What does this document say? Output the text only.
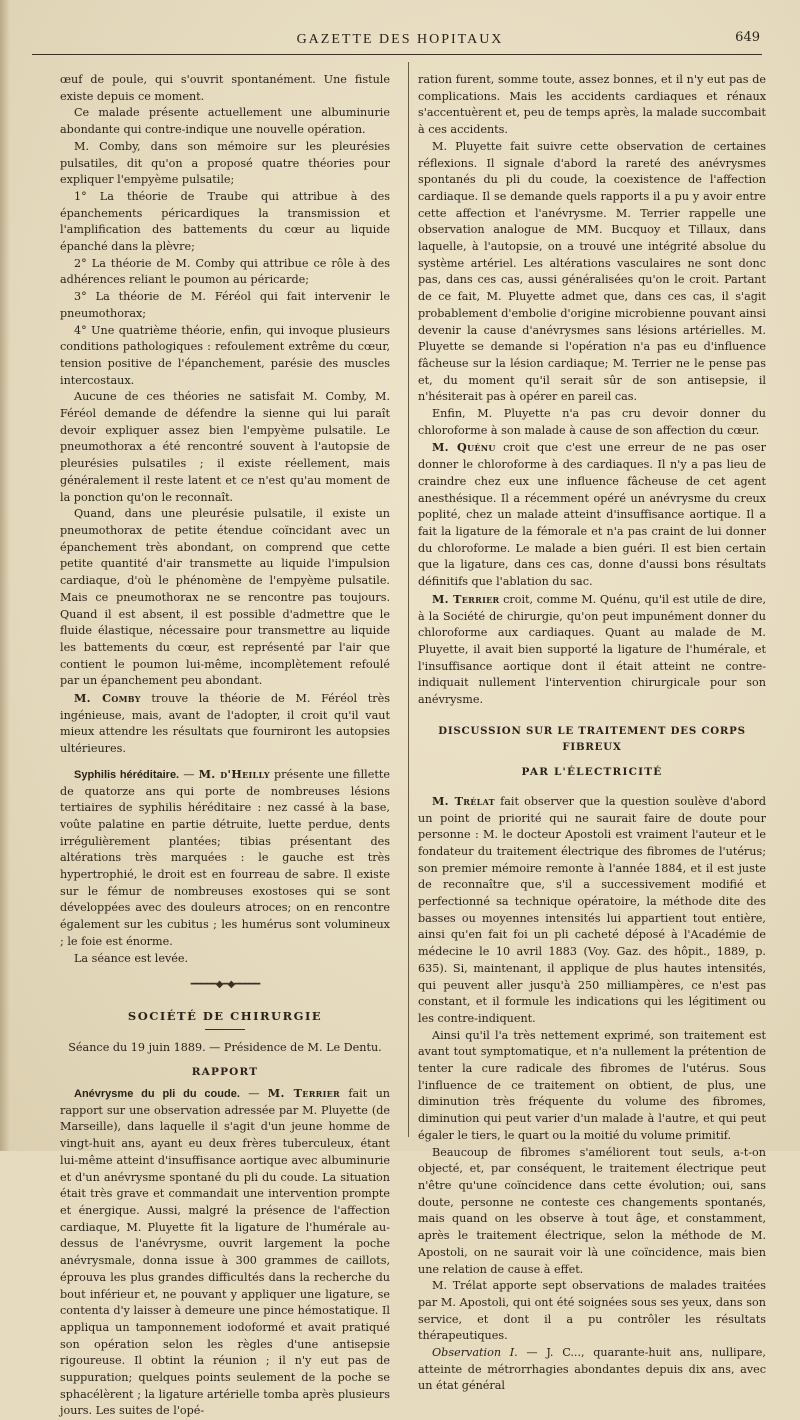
GAZETTE DES HOPITAUX	649

œuf de poule, qui s'ouvrit spontanément. Une fistule existe depuis ce moment.

Ce malade présente actuellement une albuminurie abondante qui contre-indique une nouvelle opération.

M. Comby, dans son mémoire sur les pleurésies pulsatiles, dit qu'on a proposé quatre théories pour expliquer l'empyème pulsatile;

1° La théorie de Traube qui attribue à des épanchements péricardiques la transmission et l'amplification des battements du cœur au liquide épanché dans la plèvre;

2° La théorie de M. Comby qui attribue ce rôle à des adhérences reliant le poumon au péricarde;

3° La théorie de M. Féréol qui fait intervenir le pneumothorax;

4° Une quatrième théorie, enfin, qui invoque plusieurs conditions pathologiques : refoulement extrême du cœur, tension positive de l'épanchement, parésie des muscles intercostaux.

Aucune de ces théories ne satisfait M. Comby, M. Féréol demande de défendre la sienne qui lui paraît devoir expliquer assez bien l'empyème pulsatile. Le pneumothorax a été rencontré souvent à l'autopsie de pleurésies pulsatiles ; il existe réellement, mais généralement il reste latent et ce n'est qu'au moment de la ponction qu'on le reconnaît.

Quand, dans une pleurésie pulsatile, il existe un pneumothorax de petite étendue coïncidant avec un épanchement très abondant, on comprend que cette petite quantité d'air transmette au liquide l'impulsion cardiaque, d'où le phénomène de l'empyème pulsatile. Mais ce pneumothorax ne se rencontre pas toujours. Quand il est absent, il est possible d'admettre que le fluide élastique, nécessaire pour transmettre au liquide les battements du cœur, est représenté par l'air que contient le poumon lui-même, incomplètement refoulé par un épanchement peu abondant.

M. Comby trouve la théorie de M. Féréol très ingénieuse, mais, avant de l'adopter, il croit qu'il vaut mieux attendre les résultats que fourniront les autopsies ultérieures.

Syphilis héréditaire. — M. d'Heilly présente une fillette de quatorze ans qui porte de nombreuses lésions tertiaires de syphilis héréditaire : nez cassé à la base, voûte palatine en partie détruite, luette perdue, dents irrégulièrement plantées; tibias présentant des altérations très marquées : le gauche est très hypertrophié, le droit est en fourreau de sabre. Il existe sur le fémur de nombreuses exostoses qui se sont développées avec des douleurs atroces; on en rencontre également sur les cubitus ; les humérus sont volumineux ; le foie est énorme.

La séance est levée.

━━━━━◆━◆━━━━━
SOCIÉTÉ DE CHIRURGIE

Séance du 19 juin 1889. — Présidence de M. Le Dentu.

RAPPORT

Anévrysme du pli du coude. — M. Terrier fait un rapport sur une observation adressée par M. Pluyette (de Marseille), dans laquelle il s'agit d'un jeune homme de vingt-huit ans, ayant eu deux frères tuberculeux, étant lui-même atteint d'insuffisance aortique avec albuminurie et d'un anévrysme spontané du pli du coude. La situation était très grave et commandait une intervention prompte et énergique. Aussi, malgré la présence de l'affection cardiaque, M. Pluyette fit la ligature de l'humérale au-dessus de l'anévrysme, ouvrit largement la poche anévrysmale, donna issue à 300 grammes de caillots, éprouva les plus grandes difficultés dans la recherche du bout inférieur et, ne pouvant y appliquer une ligature, se contenta d'y laisser à demeure une pince hémostatique. Il appliqua un tamponnement iodoformé et avait pratiqué son opération selon les règles d'une antisepsie rigoureuse. Il obtint la réunion ; il n'y eut pas de suppuration; quelques points seulement de la poche se sphacélèrent ; la ligature artérielle tomba après plusieurs jours. Les suites de l'opé-

ration furent, somme toute, assez bonnes, et il n'y eut pas de complications. Mais les accidents cardiaques et rénaux s'accentuèrent et, peu de temps après, la malade succombait à ces accidents.

M. Pluyette fait suivre cette observation de certaines réflexions. Il signale d'abord la rareté des anévrysmes spontanés du pli du coude, la coexistence de l'affection cardiaque. Il se demande quels rapports il a pu y avoir entre cette affection et l'anévrysme. M. Terrier rappelle une observation analogue de MM. Bucquoy et Tillaux, dans laquelle, à l'autopsie, on a trouvé une intégrité absolue du système artériel. Les altérations vasculaires ne sont donc pas, dans ces cas, aussi généralisées qu'on le croit. Partant de ce fait, M. Pluyette admet que, dans ces cas, il s'agit probablement d'embolie d'origine microbienne pouvant ainsi devenir la cause d'anévrysmes sans lésions artérielles. M. Pluyette se demande si l'opération n'a pas eu d'influence fâcheuse sur la lésion cardiaque; M. Terrier ne le pense pas et, du moment qu'il serait sûr de son antisepsie, il n'hésiterait pas à opérer en pareil cas.

Enfin, M. Pluyette n'a pas cru devoir donner du chloroforme à son malade à cause de son affection du cœur.

M. Quénu croit que c'est une erreur de ne pas oser donner le chloroforme à des cardiaques. Il n'y a pas lieu de craindre chez eux une influence fâcheuse de cet agent anesthésique. Il a récemment opéré un anévrysme du creux poplité, chez un malade atteint d'insuffisance aortique. Il a fait la ligature de la fémorale et n'a pas craint de lui donner du chloroforme. Le malade a bien guéri. Il est bien certain que la ligature, dans ces cas, donne d'aussi bons résultats définitifs que l'ablation du sac.

M. Terrier croit, comme M. Quénu, qu'il est utile de dire, à la Société de chirurgie, qu'on peut impunément donner du chloroforme aux cardiaques. Quant au malade de M. Pluyette, il avait bien supporté la ligature de l'humérale, et l'insuffisance aortique dont il était atteint ne contre-indiquait nullement l'intervention chirurgicale pour son anévrysme.

DISCUSSION SUR LE TRAITEMENT DES CORPS FIBREUX
PAR L'ÉLECTRICITÉ

M. Trélat fait observer que la question soulève d'abord un point de priorité qui ne saurait faire de doute pour personne : M. le docteur Apostoli est vraiment l'auteur et le fondateur du traitement électrique des fibromes de l'utérus; son premier mémoire remonte à l'année 1884, et il est juste de reconnaître que, s'il a successivement modifié et perfectionné sa technique opératoire, la méthode dite des basses ou moyennes intensités lui appartient tout entière, ainsi qu'en fait foi un pli cacheté déposé à l'Académie de médecine le 10 avril 1883 (Voy. Gaz. des hôpit., 1889, p. 635). Si, maintenant, il applique de plus hautes intensités, qui peuvent aller jusqu'à 250 milliampères, ce n'est pas constant, et il formule les indications qui les légitiment ou les contre-indiquent.

Ainsi qu'il l'a très nettement exprimé, son traitement est avant tout symptomatique, et n'a nullement la prétention de tenter la cure radicale des fibromes de l'utérus. Sous l'influence de ce traitement on obtient, de plus, une diminution très fréquente du volume des fibromes, diminution qui peut varier d'un malade à l'autre, et qui peut égaler le tiers, le quart ou la moitié du volume primitif.

Beaucoup de fibromes s'améliorent tout seuls, a-t-on objecté, et, par conséquent, le traitement électrique peut n'être qu'une coïncidence dans cette évolution; oui, sans doute, personne ne conteste ces changements spontanés, mais quand on les observe à tout âge, et constamment, après le traitement électrique, selon la méthode de M. Apostoli, on ne saurait voir là une coïncidence, mais bien une relation de cause à effet.

M. Trélat apporte sept observations de malades traitées par M. Apostoli, qui ont été soignées sous ses yeux, dans son service, et dont il a pu contrôler les résultats thérapeutiques.

Observation I. — J. C..., quarante-huit ans, nullipare, atteinte de métrorrhagies abondantes depuis dix ans, avec un état général
